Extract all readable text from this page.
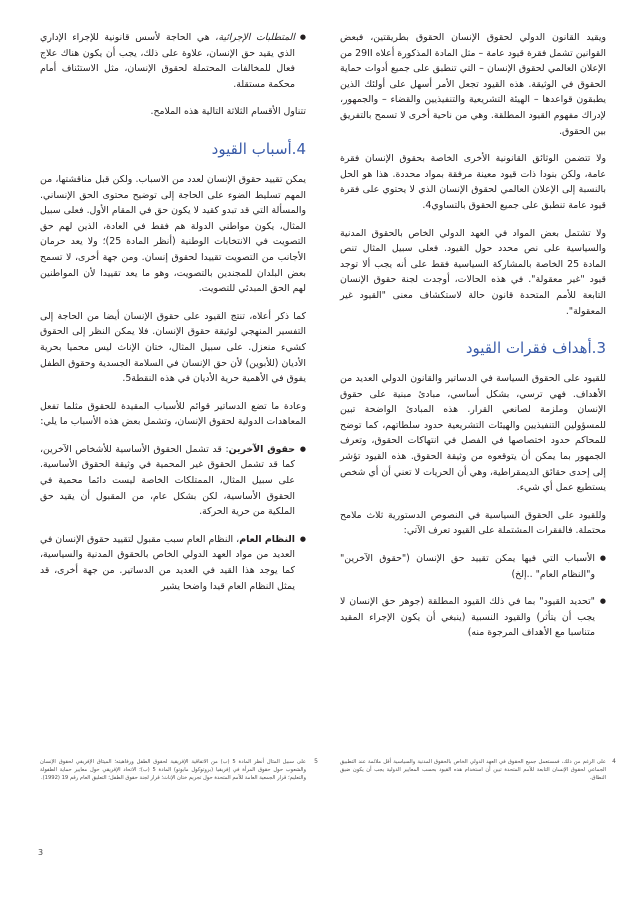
ويقيد القانون الدولي لحقوق الإنسان الحقوق بطريقتين، فبعض القوانين تشمل فقرة قيود عامة – مثل المادة المذكورة أعلاه 29II من الإعلان العالمي لحقوق الإنسان – التي تنطبق على جميع أدوات حماية الحقوق في الوثيقة. هذه القيود تجعل الأمر أسهل على أولئك الذين يطبقون قواعدها – الهيئة التشريعية والتنفيذيين والقضاء – والجمهور، لإدراك مفهوم القيود المطلقة. وهي من ناحية أخرى لا تسمح بالتفريق بين الحقوق.

ولا تتضمن الوثائق القانونية الأخرى الخاصة بحقوق الإنسان فقرة عامة، ولكن بنودا ذات قيود معينة مرفقة بمواد محددة. هذا هو الحل بالنسبة إلى الإعلان العالمي لحقوق الإنسان الذي لا يحتوي على فقرة قيود عامة تنطبق على جميع الحقوق بالتساوي4.

ولا تشتمل بعض المواد في العهد الدولي الخاص بالحقوق المدنية والسياسية على نص محدد حول القيود. فعلى سبيل المثال تنص المادة 25 الخاصة بالمشاركة السياسية فقط على أنه يجب ألا توجد قيود "غير معقولة". في هذه الحالات، أوجدت لجنة حقوق الإنسان التابعة للأمم المتحدة قانون حالة لاستكشاف معنى "القيود غير المعقولة".

3.أهداف فقرات القيود

للقيود على الحقوق السياسة في الدساتير والقانون الدولي العديد من الأهداف. فهي ترسي، بشكل أساسي، مبادئ مبنية على حقوق الإنسان وملزمة لصانعي القرار. هذه المبادئ الواضحة تبين للمسؤولين التنفيذيين والهيئات التشريعية حدود سلطاتهم، كما توضح للمحاكم حدود اختصاصها في الفصل في انتهاكات الحقوق، وتعرف الجمهور بما يمكن أن يتوقعوه من وثيقة الحقوق. هذه القيود تؤشر إلى إحدى حقائق الديمقراطية، وهي أن الحريات لا تعني أن أي شخص يستطيع عمل أي شيء.

وللقيود على الحقوق السياسية في النصوص الدستورية ثلاث ملامح محتملة. فالفقرات المشتملة على القيود تعرف الآتي:

● الأسباب التي فيها يمكن تقييد حق الإنسان ("حقوق الآخرين" و"النظام العام" ..إلخ)
● "تحديد القيود" بما في ذلك القيود المطلقة (جوهر حق الإنسان لا يجب أن يتأثر) والقيود النسبية (ينبغي أن يكون الإجراء المقيد متناسبا مع الأهداف المرجوة منه)
● المتطلبات الإجرائية، هي الحاجة لأسس قانونية للإجراء الإداري الذي يقيد حق الإنسان، علاوة على ذلك، يجب أن يكون هناك علاج فعال للمخالفات المحتملة لحقوق الإنسان، مثل الاستئناف أمام محكمة مستقلة.

تتناول الأقسام الثلاثة التالية هذه الملامح.

4.أسباب القيود

يمكن تقييد حقوق الإنسان لعدد من الاسباب. ولكن قبل مناقشتها، من المهم تسليط الضوء على الحاجة إلى توضيح محتوى الحق الإنساني. والمسألة التي قد تبدو كقيد لا يكون حق في المقام الأول. فعلى سبيل المثال، يكون مواطني الدولة هم فقط في العادة، الذين لهم حق التصويت في الانتخابات الوطنية (أنظر المادة 25)؛ ولا يعد حرمان الأجانب من التصويت تقييدا لحقوق إنسان. ومن جهة أخرى، لا تسمح بعض البلدان للمجندين بالتصويت، وهو ما يعد تقييدا لأن المواطنين لهم الحق المبدئي للتصويت.

كما ذكر أعلاه، تنتج القيود على حقوق الإنسان أيضا من الحاجة إلى التفسير المنهجي لوثيقة حقوق الإنسان. فلا يمكن النظر إلى الحقوق كشيء منعزل. على سبيل المثال، ختان الإناث ليس محميا بحرية الأديان (للأبوين) لأن حق الإنسان في السلامة الجسدية وحقوق الطفل يفوق في الأهمية حرية الأديان في هذه النقطة5.

وعادة ما تضع الدساتير قوائم للأسباب المقيدة للحقوق مثلما تفعل المعاهدات الدولية لحقوق الإنسان، وتشمل بعض هذه الأسباب ما يلي:

● حقوق الآخرين: قد تشمل الحقوق الأساسية للأشخاص الآخرين، كما قد تشمل الحقوق غير المحمية في وثيقة الحقوق الأساسية. على سبيل المثال، الممتلكات الخاصة ليست دائما محمية في الحقوق الأساسية، لكن بشكل عام، من المقبول أن يقيد حق الملكية من حرية الحركة.
● النظام العام، النظام العام سبب مقبول لتقييد حقوق الإنسان في العديد من مواد العهد الدولي الخاص بالحقوق المدنية والسياسية، كما يوجد هذا القيد في العديد من الدساتير. من جهة أخرى، قد يمثل النظام العام قيدا واضحا يشير
4
على الرغم من ذلك، فمستعمل جميع الحقوق في العهد الدولي الخاص بالحقوق المدنية والسياسية أقل ملائمة عند التطبيق الجماعي لحقوق الإنسان التابعة للأمم المتحدة تبين أن استخدام هذه القيود بحسب المعايير الدولية يجب أن يكون ضيق النطاق.
5
على سبيل المثال أنظر المادة 5 (ب) من الاتفاقية الإفريقية لحقوق الطفل ورفاهيته؛ الميثاق الإفريقي لحقوق الإنسان والشعوب حول حقوق المرأة في إفريقيا (بروتوكول مابوتو) المادة 5 (ب)؛ الاتحاد الإفريقي حول معايير حماية الطفولة والتعليم؛ قرار الجمعية العامة للأمم المتحدة حول تجريم ختان الإناث؛ قرار لجنة حقوق الطفل؛ التعليق العام رقم 19 (1992).
3
